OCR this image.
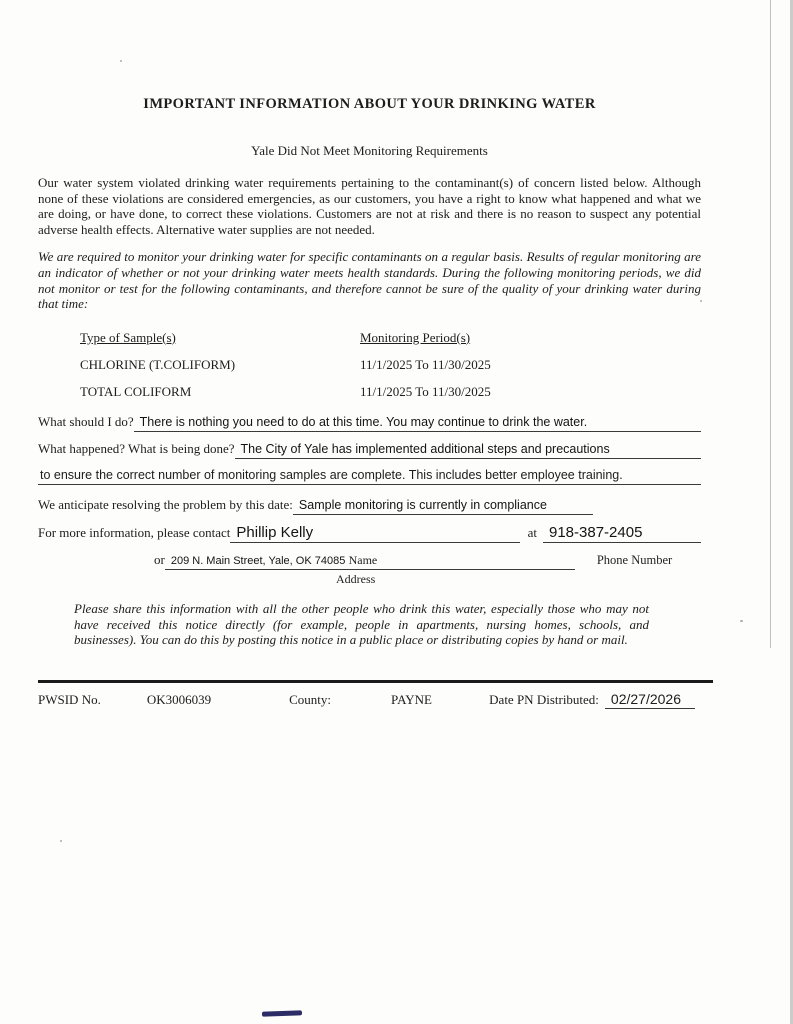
IMPORTANT INFORMATION ABOUT YOUR DRINKING WATER
Yale Did Not Meet Monitoring Requirements

Our water system violated drinking water requirements pertaining to the contaminant(s) of concern listed below. Although none of these violations are considered emergencies, as our customers, you have a right to know what happened and what we are doing, or have done, to correct these violations. Customers are not at risk and there is no reason to suspect any potential adverse health effects. Alternative water supplies are not needed.

We are required to monitor your drinking water for specific contaminants on a regular basis. Results of regular monitoring are an indicator of whether or not your drinking water meets health standards. During the following monitoring periods, we did not monitor or test for the following contaminants, and therefore cannot be sure of the quality of your drinking water during that time:

Type of Sample(s)	Monitoring Period(s)
CHLORINE (T.COLIFORM)	11/1/2025 To 11/30/2025
TOTAL COLIFORM	11/1/2025 To 11/30/2025
What should I do? There is nothing you need to do at this time. You may continue to drink the water.
What happened? What is being done? The City of Yale has implemented additional steps and precautions
to ensure the correct number of monitoring samples are complete. This includes better employee training.
We anticipate resolving the problem by this date: Sample monitoring is currently in compliance
For more information, please contact Phillip Kelly	at 918-387-2405
or 209 N. Main Street, Yale, OK 74085 Name	Phone Number
Address

Please share this information with all the other people who drink this water, especially those who may not have received this notice directly (for example, people in apartments, nursing homes, schools, and businesses). You can do this by posting this notice in a public place or distributing copies by hand or mail.

PWSID No.	OK3006039	County:	PAYNE	Date PN Distributed: 02/27/2026
